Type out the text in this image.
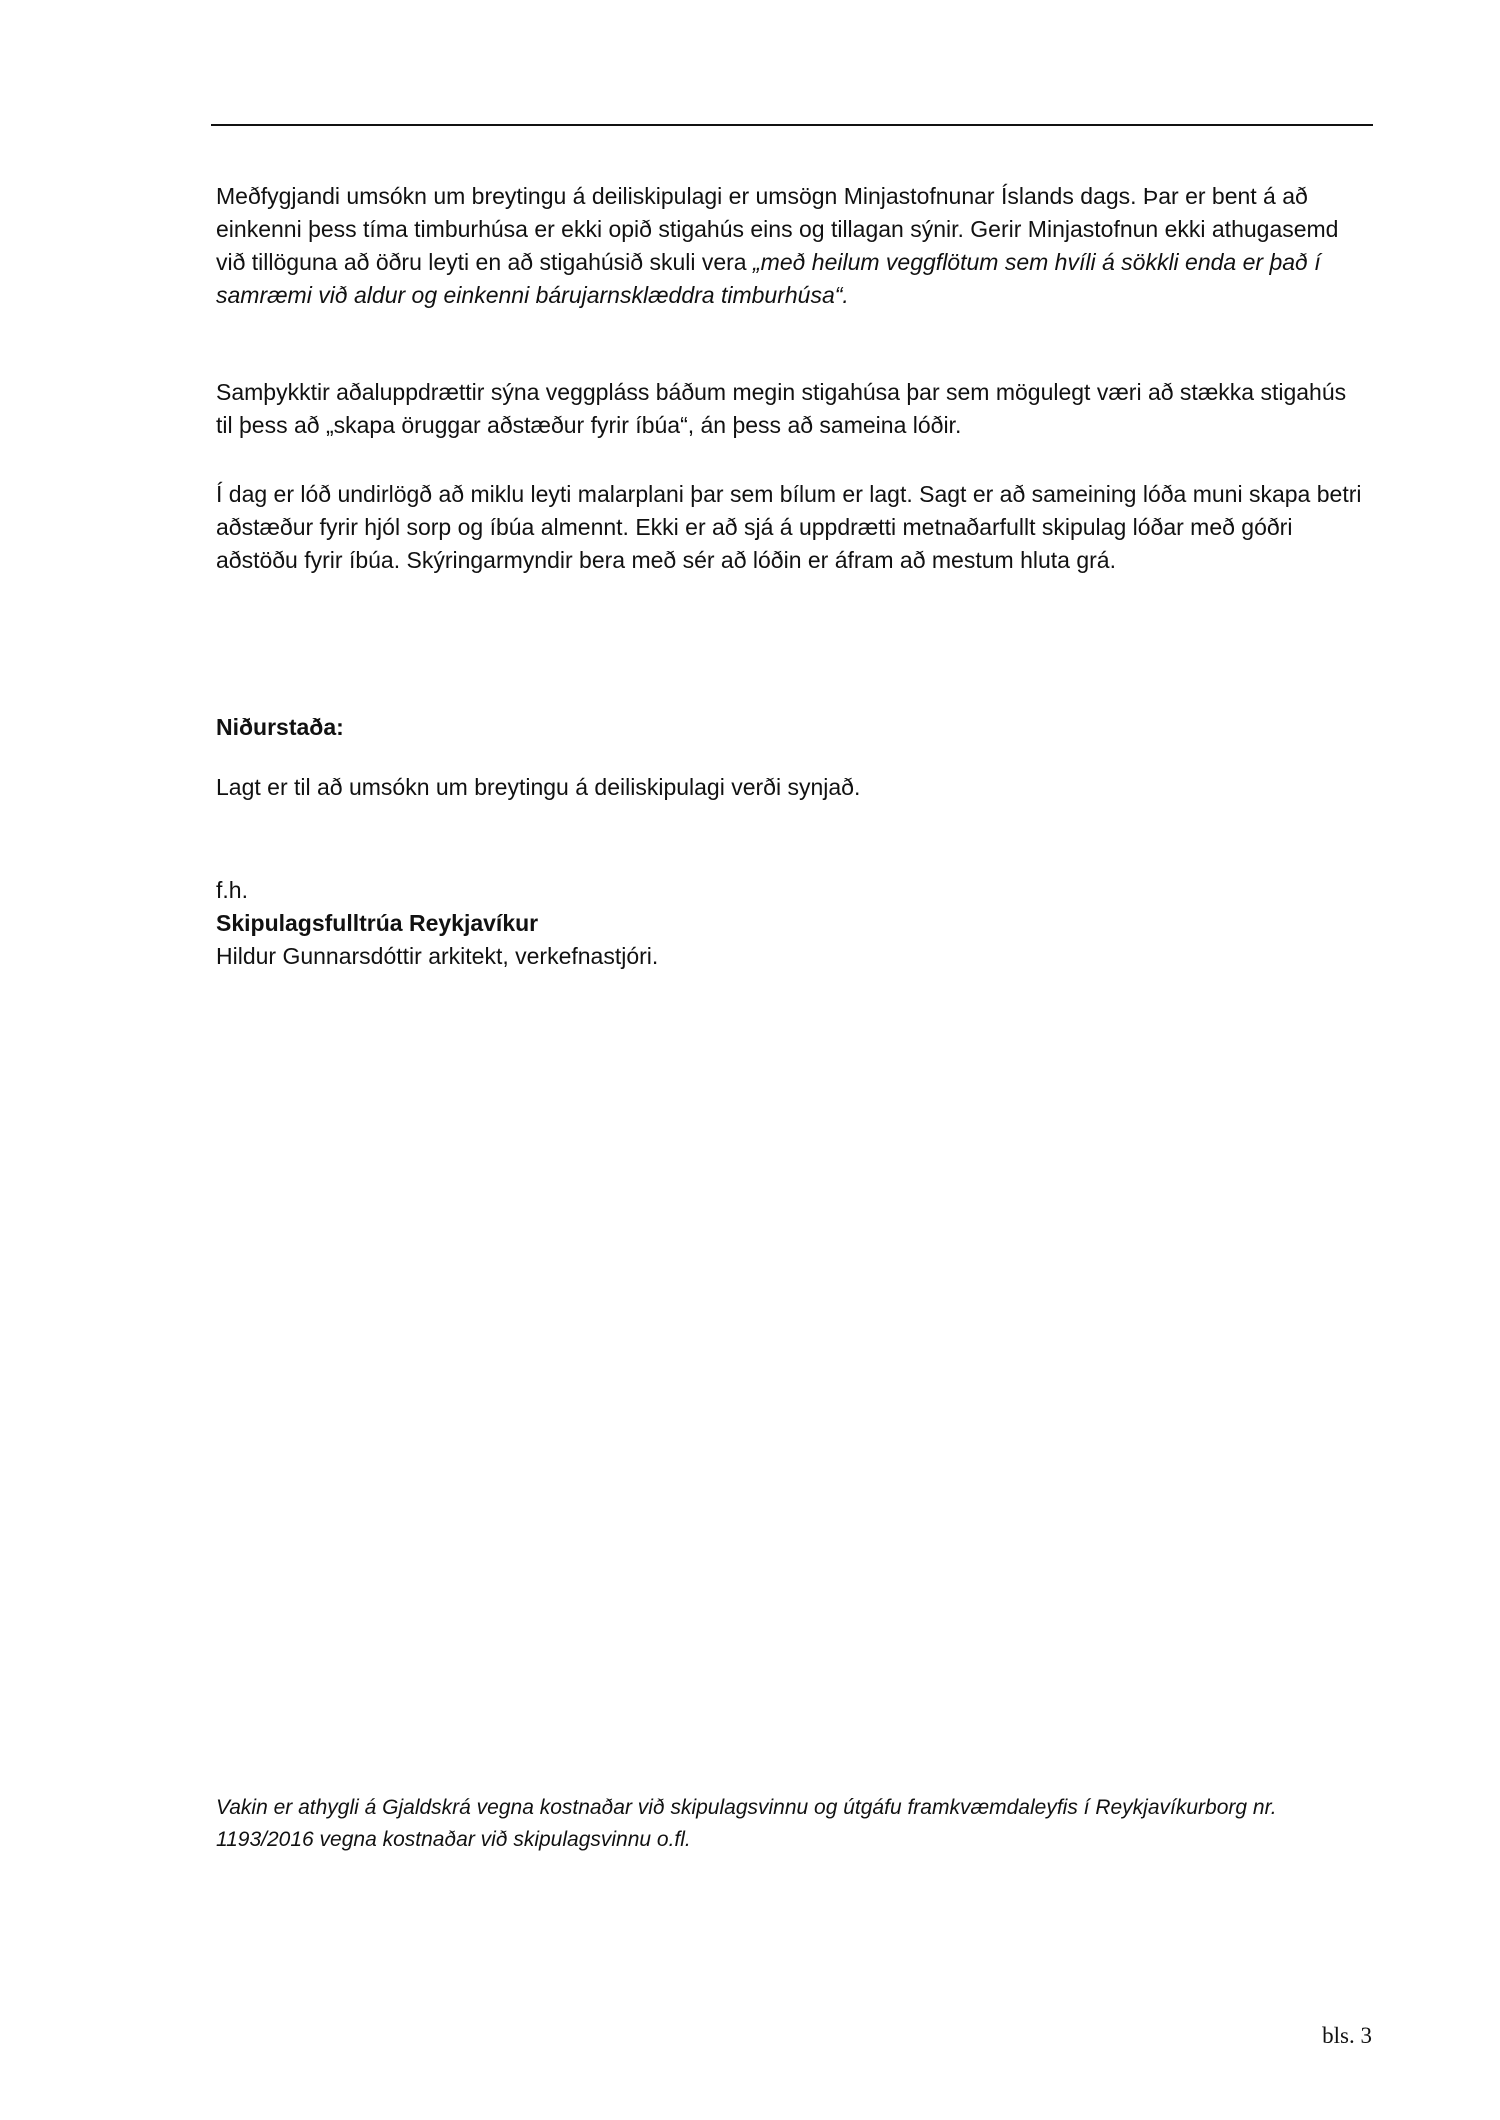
Meðfygjandi umsókn um breytingu á deiliskipulagi er umsögn Minjastofnunar Íslands dags. Þar er bent á að einkenni þess tíma timburhúsa er ekki opið stigahús eins og tillagan sýnir. Gerir Minjastofnun ekki athugasemd við tillöguna að öðru leyti en að stigahúsið skuli vera „með heilum veggflötum sem hvíli á sökkli enda er það í samræmi við aldur og einkenni bárujarnsklæddra timburhúsa“.

Samþykktir aðaluppdrættir sýna veggpláss báðum megin stigahúsa þar sem mögulegt væri að stækka stigahús til þess að „skapa öruggar aðstæður fyrir íbúa“, án þess að sameina lóðir.

Í dag er lóð undirlögð að miklu leyti malarplani þar sem bílum er lagt. Sagt er að sameining lóða muni skapa betri aðstæður fyrir hjól sorp og íbúa almennt. Ekki er að sjá á uppdrætti metnaðarfullt skipulag lóðar með góðri aðstöðu fyrir íbúa. Skýringarmyndir bera með sér að lóðin er áfram að mestum hluta grá.

Niðurstaða:

Lagt er til að umsókn um breytingu á deiliskipulagi verði synjað.

f.h.
Skipulagsfulltrúa Reykjavíkur
Hildur Gunnarsdóttir arkitekt, verkefnastjóri.

Vakin er athygli á Gjaldskrá vegna kostnaðar við skipulagsvinnu og útgáfu framkvæmdaleyfis í Reykjavíkurborg nr. 1193/2016 vegna kostnaðar við skipulagsvinnu o.fl.

bls. 3
